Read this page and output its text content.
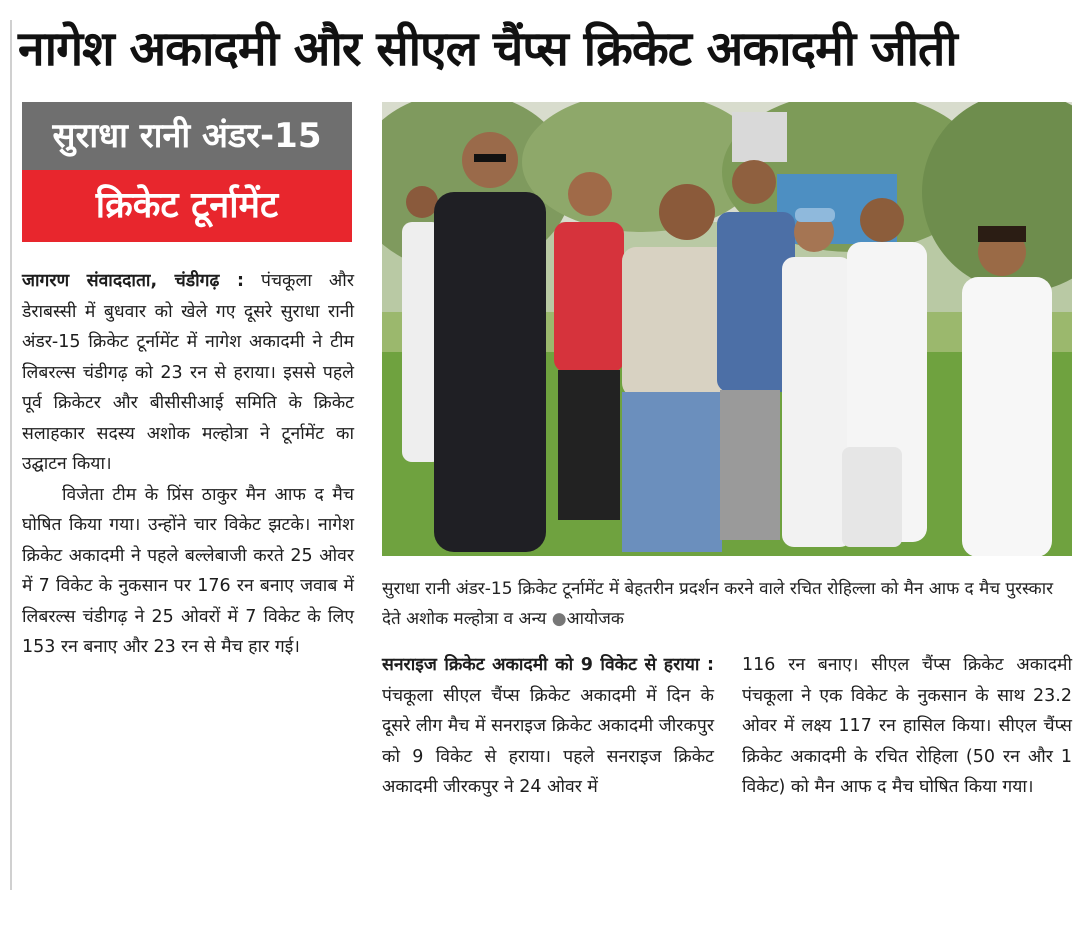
नागेश अकादमी और सीएल चैंप्स क्रिकेट अकादमी जीती
सुराधा रानी अंडर-15
क्रिकेट टूर्नामेंट

जागरण संवाददाता, चंडीगढ़ : पंचकूला और डेराबस्सी में बुधवार को खेले गए दूसरे सुराधा रानी अंडर-15 क्रिकेट टूर्नामेंट में नागेश अकादमी ने टीम लिबरल्स चंडीगढ़ को 23 रन से हराया। इससे पहले पूर्व क्रिकेटर और बीसीसीआई समिति के क्रिकेट सलाहकार सदस्य अशोक मल्होत्रा ने टूर्नामेंट का उद्घाटन किया।

विजेता टीम के प्रिंस ठाकुर मैन आफ द मैच घोषित किया गया। उन्होंने चार विकेट झटके। नागेश क्रिकेट अकादमी ने पहले बल्लेबाजी करते 25 ओवर में 7 विकेट के नुकसान पर 176 रन बनाए जवाब में लिबरल्स चंडीगढ़ ने 25 ओवरों में 7 विकेट के लिए 153 रन बनाए और 23 रन से मैच हार गई।

सुराधा रानी अंडर-15 क्रिकेट टूर्नामेंट में बेहतरीन प्रदर्शन करने वाले रचित रोहिल्ला को मैन आफ द मैच पुरस्कार देते अशोक मल्होत्रा व अन्य ●आयोजक

सनराइज क्रिकेट अकादमी को 9 विकेट से हराया : पंचकूला सीएल चैंप्स क्रिकेट अकादमी में दिन के दूसरे लीग मैच में सनराइज क्रिकेट अकादमी जीरकपुर को 9 विकेट से हराया। पहले सनराइज क्रिकेट अकादमी जीरकपुर ने 24 ओवर में

116 रन बनाए। सीएल चैंप्स क्रिकेट अकादमी पंचकूला ने एक विकेट के नुकसान के साथ 23.2 ओवर में लक्ष्य 117 रन हासिल किया। सीएल चैंप्स क्रिकेट अकादमी के रचित रोहिला (50 रन और 1 विकेट) को मैन आफ द मैच घोषित किया गया।
